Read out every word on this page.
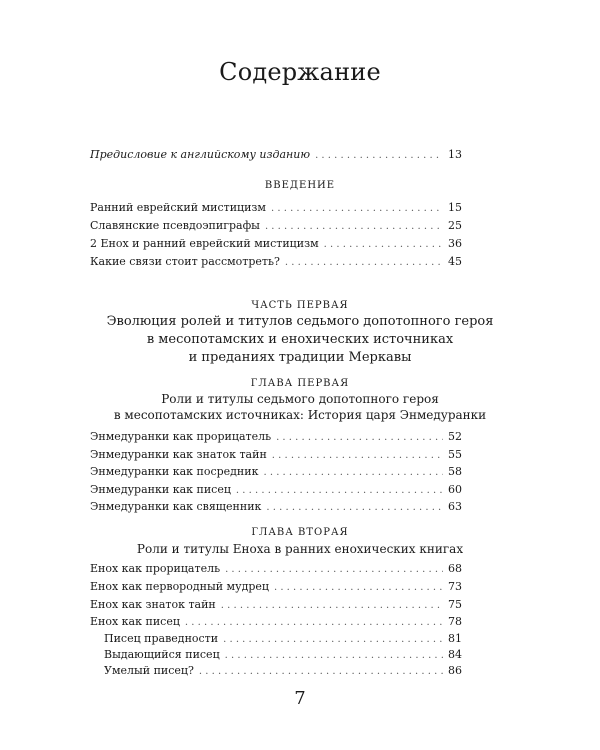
Содержание
Предисловие к английскому изданию . . .	13
ВВЕДЕНИЕ
Ранний еврейский мистицизм . . .	15
Славянские псевдоэпиграфы . . .	25
2 Енох и ранний еврейский мистицизм . . .	36
Какие связи стоит рассмотреть? . . .	45
ЧАСТЬ ПЕРВАЯ
Эволюция ролей и титулов седьмого допотопного героя
в месопотамских и енохических источниках
и преданиях традиции Меркавы
ГЛАВА ПЕРВАЯ
Роли и титулы седьмого допотопного героя
в месопотамских источниках: История царя Энмедуранки
Энмедуранки как прорицатель . . .	52
Энмедуранки как знаток тайн . . .	55
Энмедуранки как посредник . . .	58
Энмедуранки как писец . . .	60
Энмедуранки как священник . . .	63
ГЛАВА ВТОРАЯ
Роли и титулы Еноха в ранних енохических книгах
Енох как прорицатель . . .	68
Енох как первородный мудрец . . .	73
Енох как знаток тайн . . .	75
Енох как писец . . .	78
Писец праведности . . .	81
Выдающийся писец . . .	84
Умелый писец? . . .	86
7
